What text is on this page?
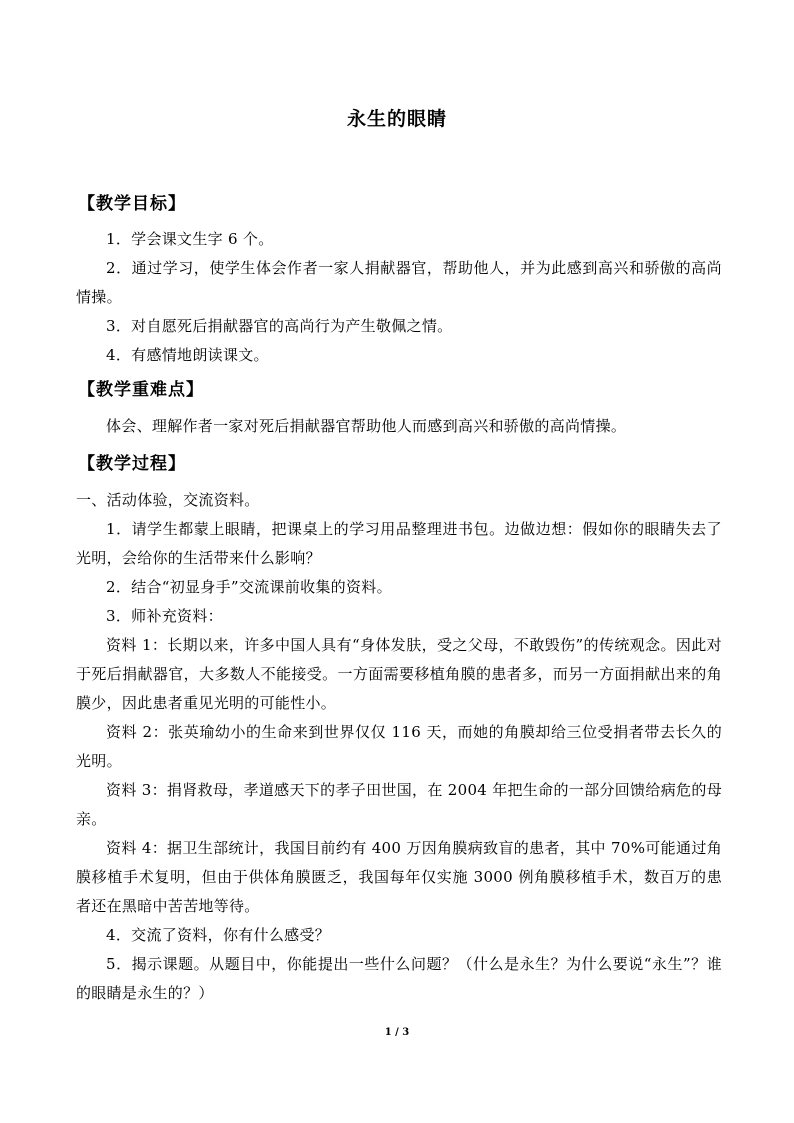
永生的眼睛
【教学目标】
1．学会课文生字 6 个。
2．通过学习，使学生体会作者一家人捐献器官，帮助他人，并为此感到高兴和骄傲的高尚情操。
3．对自愿死后捐献器官的高尚行为产生敬佩之情。
4．有感情地朗读课文。
【教学重难点】
体会、理解作者一家对死后捐献器官帮助他人而感到高兴和骄傲的高尚情操。
【教学过程】
一、活动体验，交流资料。
1．请学生都蒙上眼睛，把课桌上的学习用品整理进书包。边做边想：假如你的眼睛失去了光明，会给你的生活带来什么影响？
2．结合“初显身手”交流课前收集的资料。
3．师补充资料：
资料 1：长期以来，许多中国人具有“身体发肤，受之父母，不敢毁伤”的传统观念。因此对于死后捐献器官，大多数人不能接受。一方面需要移植角膜的患者多，而另一方面捐献出来的角膜少，因此患者重见光明的可能性小。
资料 2：张英瑜幼小的生命来到世界仅仅 116 天，而她的角膜却给三位受捐者带去长久的光明。
资料 3：捐肾救母，孝道感天下的孝子田世国，在 2004 年把生命的一部分回馈给病危的母亲。
资料 4：据卫生部统计，我国目前约有 400 万因角膜病致盲的患者，其中 70%可能通过角膜移植手术复明，但由于供体角膜匮乏，我国每年仅实施 3000 例角膜移植手术，数百万的患者还在黑暗中苦苦地等待。
4．交流了资料，你有什么感受？
5．揭示课题。从题目中，你能提出一些什么问题？（什么是永生？为什么要说“永生”？谁的眼睛是永生的？）
1 / 3
